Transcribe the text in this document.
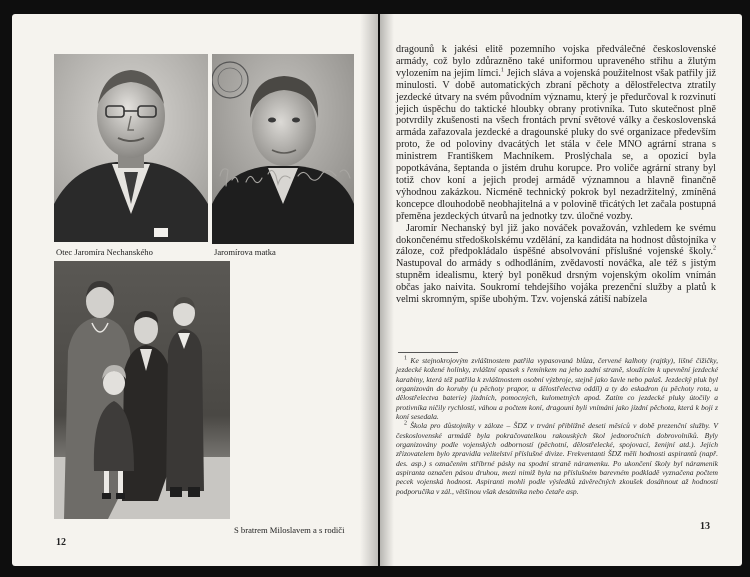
Otec Jaromíra Nechanského	Jaromírova matka
S bratrem Miloslavem a s rodiči
12

dragounů k jakési elitě pozemního vojska předválečné československé armády, což bylo zdůrazněno také uniformou upraveného střihu a žlutým vylozením na jejím límci.$^1$ Jejich sláva a vojenská použitelnost však patřily již minulosti. V době automatických zbraní pěchoty a dělostřelectva ztratily jezdecké útvary na svém původním významu, který je předurčoval k rozvinutí jejich úspěchu do taktické hloubky obrany protivníka. Tuto skutečnost plně potvrdily zkušenosti na všech frontách první světové války a československá armáda zařazovala jezdecké a dragounské pluky do své organizace především proto, že od poloviny dvacátých let stála v čele MNO agrární strana s ministrem Františkem Machníkem. Proslýchala se, a opozicí byla popotkávána, šeptanda o jistém druhu korupce. Pro voliče agrární strany byl totiž chov koní a jejich prodej armádě významnou a hlavně finančně výhodnou zakázkou. Nicméně technický pokrok byl nezadržitelný, zmíněná koncepce dlouhodobě neobhajitelná a v polovině třicátých let začala postupná přeměna jezdeckých útvarů na jednotky tzv. úločné vozby.

Jaromír Nechanský byl již jako nováček považován, vzhledem ke svému dokončenému středoškolskému vzdělání, za kandidáta na hodnost důstojníka v záloze, což předpokládalo úspěšné absolvování příslušné vojenské školy.$^2$ Nastupoval do armády s odhodláním, zvědavostí nováčka, ale též s jistým stupněm idealismu, který byl poněkud drsným vojenským okolím vnímán občas jako naivita. Soukromí tehdejšího vojáka prezenční služby a platů k velmi skromným, spíše ubohým. Tzv. vojenská zátiší nabízela

$^1$ Ke stejnokrojovým zvláštnostem patřila vypasovaná blůza, červené kalhoty (rajtky), lišné čižičky, jezdecké kožené holínky, zvláštní opasek s řemínkem na jeho zadní straně, sloužícím k upevnění jezdecké karabiny, která též patřila k zvláštnostem osobní výzbroje, stejně jako šavle nebo palaš. Jezdecký pluk byl organizován do koruby (u pěchoty prapor, u dělostřelectva oddíl) a ty do eskadron (u pěchoty rota, u dělostřelectva baterie) jízdních, pomocných, kulometných apod. Zatím co jezdecké pluky útočily a protivníka ničily rychlostí, váhou a počtem koní, dragouni byli vnímáni jako jízdní pěchota, která k boji z koní sesedala.

$^2$ Škola pro důstojníky v záloze – ŠDZ v trvání přibližně deseti měsíců v době prezenční služby. V československé armádě byla pokračovatelkou rakouských škol jednoročních dobrovolníků. Byly organizovány podle vojenských odborností (pěchotní, dělostřelecké, spojovací, ženijní atd.). Jejich zřizovatelem bylo zpravidla velitelství příslušné divize. Frekventanti ŠDZ měli hodnosti aspirantů (např. des. asp.) s označením stříbrné pásky na spodní straně náramenku. Po ukončení školy byl náramenik aspiranta označen pásou druhou, mezi nimiž byla na příslušném barevném podkladě vyznačena počtem pecek vojenská hodnost. Aspiranti mohli podle výsledků závěrečných zkoušek dosáhnout až hodnosti podporučíka v zál., většinou však desátníka nebo četaře asp.

13
